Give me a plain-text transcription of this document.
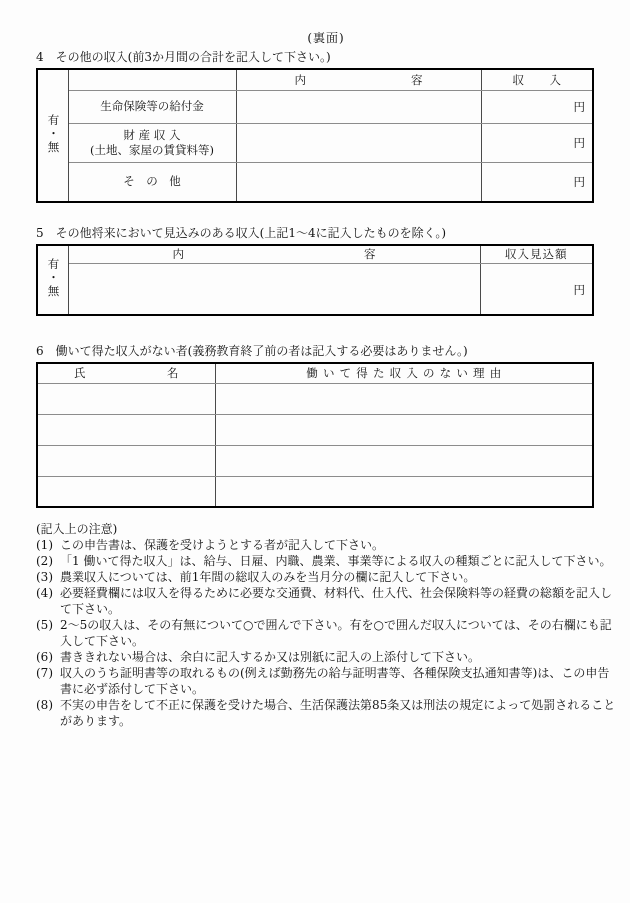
(裏面)
4　その他の収入(前3か月間の合計を記入して下さい。)
有・無		内容	収入
	生命保険等の給付金		円

	財 産 収 入
(土地、家屋の賃貸料等)		円
	そ　の　他		円
5　その他将来において見込みのある収入(上記1〜4に記入したものを除く。)
有・無	内容	収入見込額
		円
6　働いて得た収入がない者(義務教育終了前の者は記入する必要はありません。)
氏名	働いて得た収入のない理由

(記入上の注意)
(1) この申告書は、保護を受けようとする者が記入して下さい。
(2) 「1 働いて得た収入」は、給与、日雇、内職、農業、事業等による収入の種類ごとに記入して下さい。
(3) 農業収入については、前1年間の総収入のみを当月分の欄に記入して下さい。
(4) 必要経費欄には収入を得るために必要な交通費、材料代、仕入代、社会保険料等の経費の総額を記入して下さい。
(5) 2〜5の収入は、その有無について○で囲んで下さい。有を○で囲んだ収入については、その右欄にも記入して下さい。
(6) 書ききれない場合は、余白に記入するか又は別紙に記入の上添付して下さい。
(7) 収入のうち証明書等の取れるもの(例えば勤務先の給与証明書等、各種保険支払通知書等)は、この申告書に必ず添付して下さい。
(8) 不実の申告をして不正に保護を受けた場合、生活保護法第85条又は刑法の規定によって処罰されることがあります。
